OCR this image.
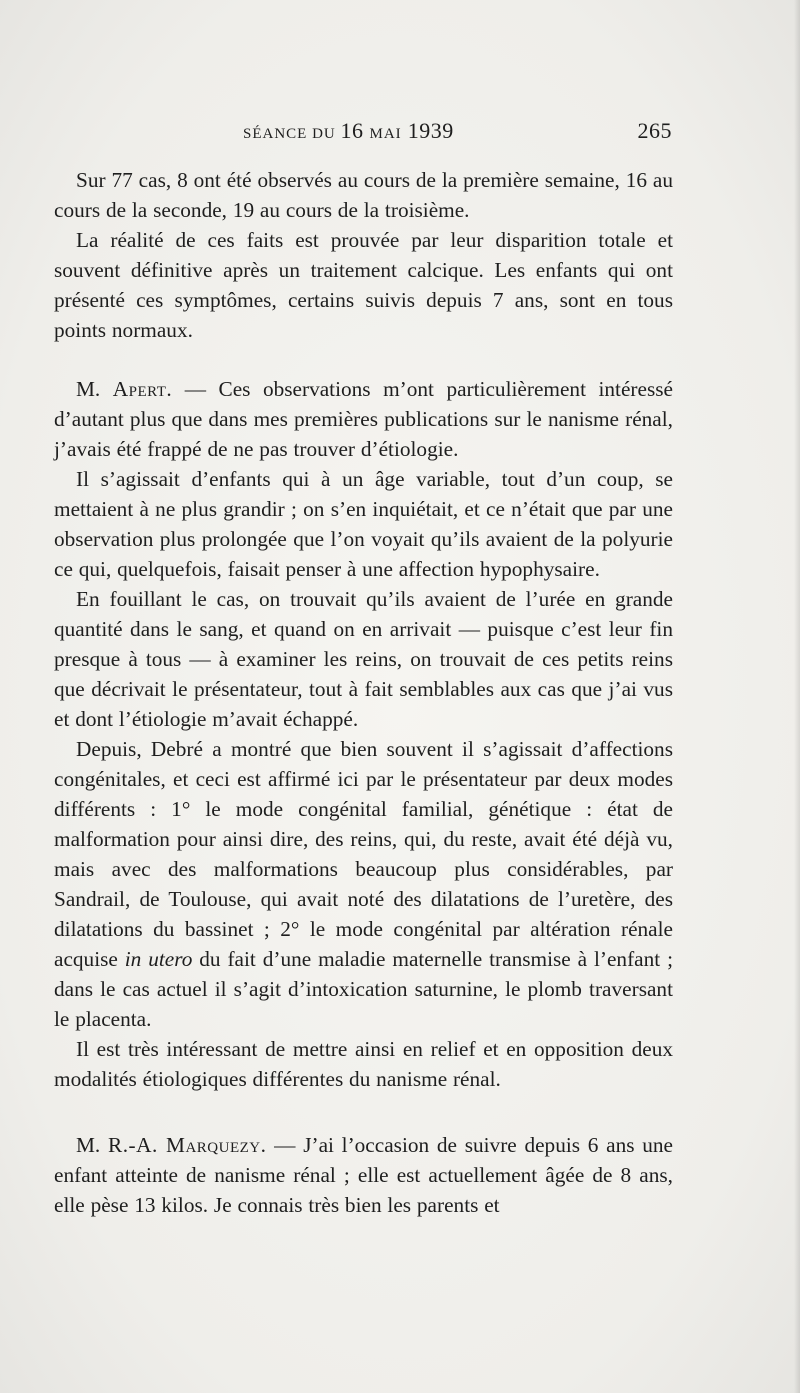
SÉANCE DU 16 MAI 1939	265

Sur 77 cas, 8 ont été observés au cours de la première semaine, 16 au cours de la seconde, 19 au cours de la troisième.

La réalité de ces faits est prouvée par leur disparition totale et souvent définitive après un traitement calcique. Les enfants qui ont présenté ces symptômes, certains suivis depuis 7 ans, sont en tous points normaux.

M. Apert. — Ces observations m’ont particulièrement intéressé d’autant plus que dans mes premières publications sur le nanisme rénal, j’avais été frappé de ne pas trouver d’étiologie.

Il s’agissait d’enfants qui à un âge variable, tout d’un coup, se mettaient à ne plus grandir ; on s’en inquiétait, et ce n’était que par une observation plus prolongée que l’on voyait qu’ils avaient de la polyurie ce qui, quelquefois, faisait penser à une affection hypophysaire.

En fouillant le cas, on trouvait qu’ils avaient de l’urée en grande quantité dans le sang, et quand on en arrivait — puisque c’est leur fin presque à tous — à examiner les reins, on trouvait de ces petits reins que décrivait le présentateur, tout à fait semblables aux cas que j’ai vus et dont l’étiologie m’avait échappé.

Depuis, Debré a montré que bien souvent il s’agissait d’affections congénitales, et ceci est affirmé ici par le présentateur par deux modes différents : 1° le mode congénital familial, génétique : état de malformation pour ainsi dire, des reins, qui, du reste, avait été déjà vu, mais avec des malformations beaucoup plus considérables, par Sandrail, de Toulouse, qui avait noté des dilatations de l’uretère, des dilatations du bassinet ; 2° le mode congénital par altération rénale acquise in utero du fait d’une maladie maternelle transmise à l’enfant ; dans le cas actuel il s’agit d’intoxication saturnine, le plomb traversant le placenta.

Il est très intéressant de mettre ainsi en relief et en opposition deux modalités étiologiques différentes du nanisme rénal.

M. R.-A. Marquezy. — J’ai l’occasion de suivre depuis 6 ans une enfant atteinte de nanisme rénal ; elle est actuellement âgée de 8 ans, elle pèse 13 kilos. Je connais très bien les parents et
